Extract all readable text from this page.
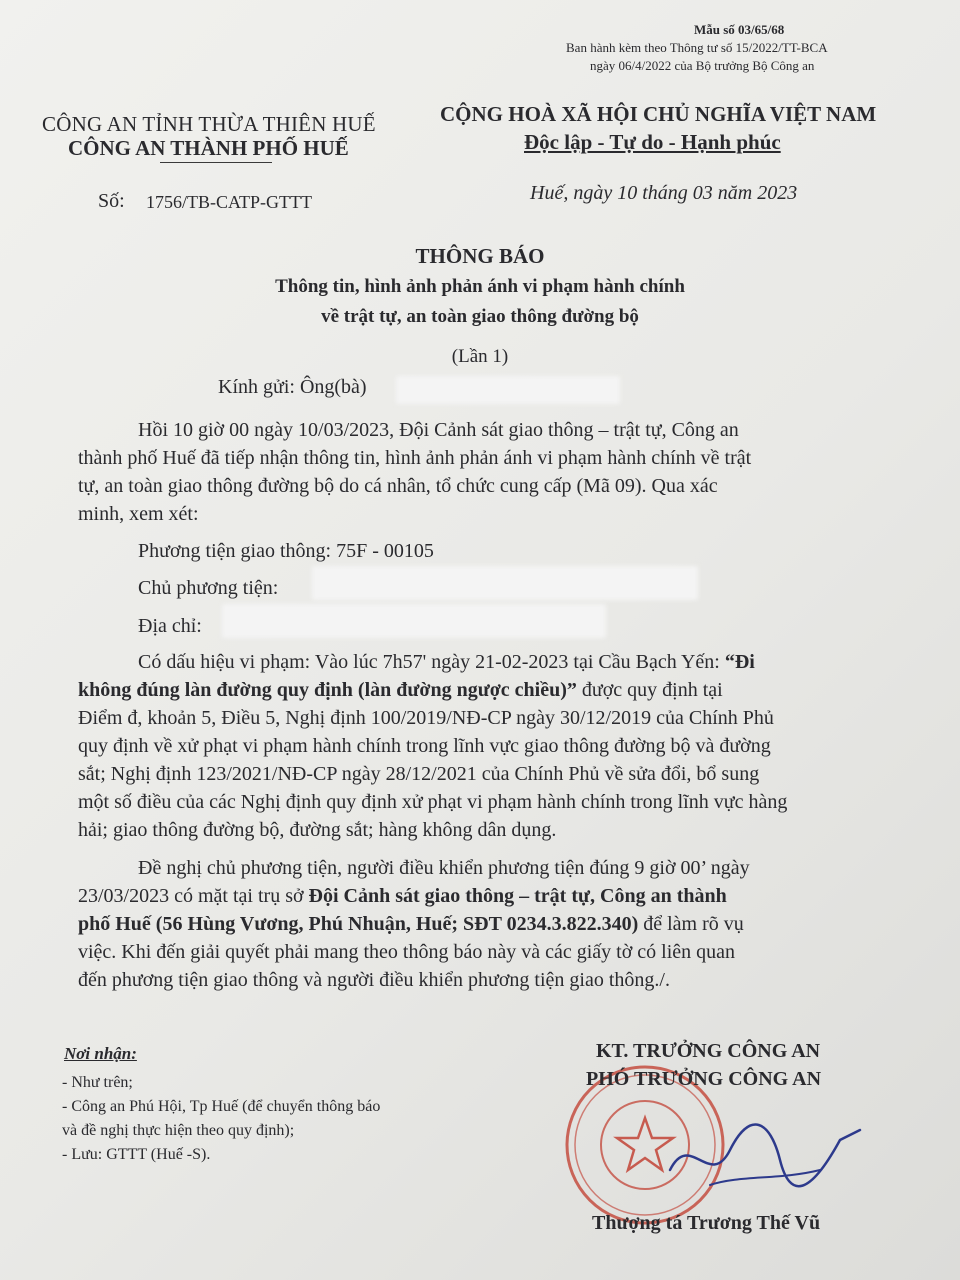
Mẫu số 03/65/68
Ban hành kèm theo Thông tư số 15/2022/TT-BCA
ngày 06/4/2022 của Bộ trưởng Bộ Công an
CÔNG AN TỈNH THỪA THIÊN HUẾ
CÔNG AN THÀNH PHỐ HUẾ
CỘNG HOÀ XÃ HỘI CHỦ NGHĨA VIỆT NAM
Độc lập - Tự do - Hạnh phúc
Số: 1756/TB-CATP-GTTT	Huế, ngày 10 tháng 03 năm 2023
THÔNG BÁO
Thông tin, hình ảnh phản ánh vi phạm hành chính
về trật tự, an toàn giao thông đường bộ
(Lần 1)
Kính gửi: Ông(bà)
Hồi 10 giờ 00 ngày 10/03/2023, Đội Cảnh sát giao thông – trật tự, Công an
thành phố Huế đã tiếp nhận thông tin, hình ảnh phản ánh vi phạm hành chính về trật
tự, an toàn giao thông đường bộ do cá nhân, tổ chức cung cấp (Mã 09). Qua xác
minh, xem xét:
Phương tiện giao thông: 75F - 00105
Chủ phương tiện:
Địa chỉ:
Có dấu hiệu vi phạm: Vào lúc 7h57' ngày 21-02-2023 tại Cầu Bạch Yến: “Đi
không đúng làn đường quy định (làn đường ngược chiều)” được quy định tại
Điểm đ, khoản 5, Điều 5, Nghị định 100/2019/NĐ-CP ngày 30/12/2019 của Chính Phủ
quy định về xử phạt vi phạm hành chính trong lĩnh vực giao thông đường bộ và đường
sắt; Nghị định 123/2021/NĐ-CP ngày 28/12/2021 của Chính Phủ về sửa đổi, bổ sung
một số điều của các Nghị định quy định xử phạt vi phạm hành chính trong lĩnh vực hàng
hải; giao thông đường bộ, đường sắt; hàng không dân dụng.
Đề nghị chủ phương tiện, người điều khiển phương tiện đúng 9 giờ 00’ ngày
23/03/2023 có mặt tại trụ sở Đội Cảnh sát giao thông – trật tự, Công an thành
phố Huế (56 Hùng Vương, Phú Nhuận, Huế; SĐT 0234.3.822.340) để làm rõ vụ
việc. Khi đến giải quyết phải mang theo thông báo này và các giấy tờ có liên quan
đến phương tiện giao thông và người điều khiển phương tiện giao thông./.
Nơi nhận:
- Như trên;
- Công an Phú Hội, Tp Huế (để chuyển thông báo
và đề nghị thực hiện theo quy định);
- Lưu: GTTT (Huế -S).
KT. TRƯỞNG CÔNG AN
PHÓ TRƯỞNG CÔNG AN
Thượng tá Trương Thế Vũ
